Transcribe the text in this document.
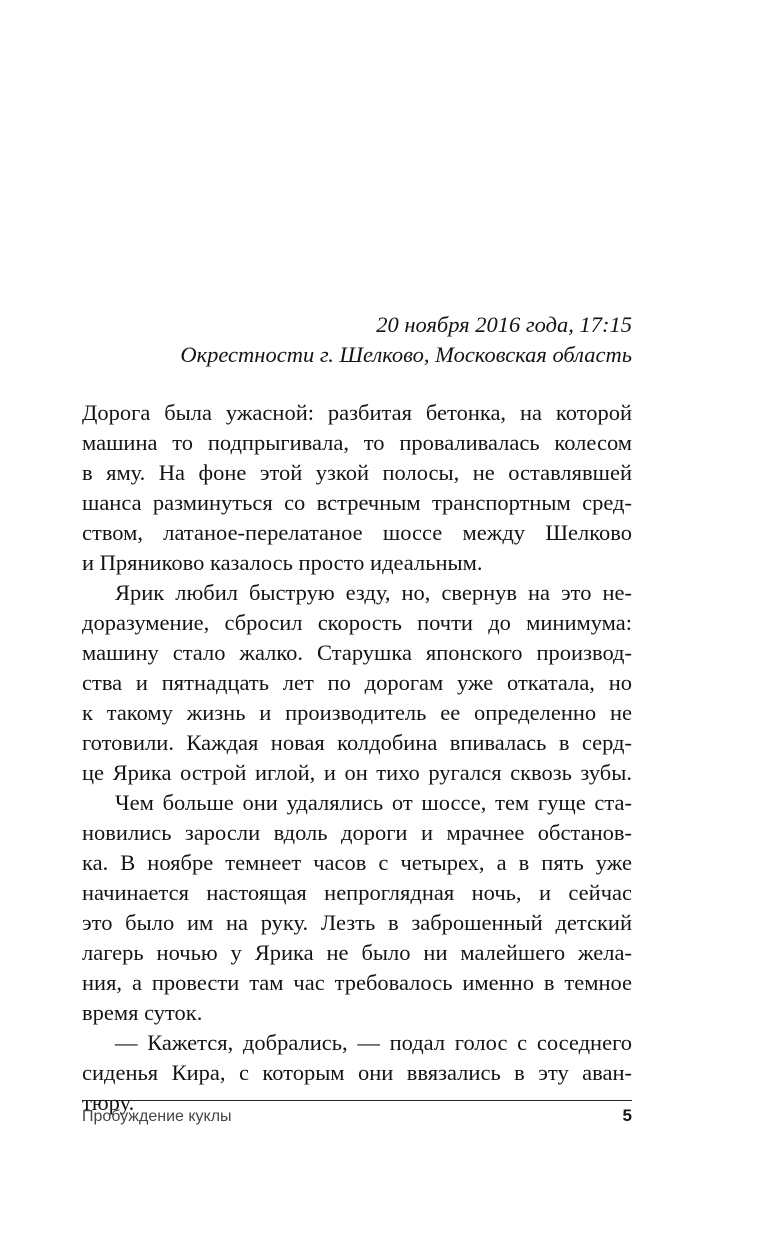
20 ноября 2016 года, 17:15
Окрестности г. Шелково, Московская область
Дорога была ужасной: разбитая бетонка, на которой
машина то подпрыгивала, то проваливалась колесом
в яму. На фоне этой узкой полосы, не оставлявшей
шанса разминуться со встречным транспортным сред-
ством, латаное-перелатаное шоссе между Шелково
и Пряниково казалось просто идеальным.
Ярик любил быструю езду, но, свернув на это не-
доразумение, сбросил скорость почти до минимума:
машину стало жалко. Старушка японского производ-
ства и пятнадцать лет по дорогам уже откатала, но
к такому жизнь и производитель ее определенно не
готовили. Каждая новая колдобина впивалась в серд-
це Ярика острой иглой, и он тихо ругался сквозь зубы.
Чем больше они удалялись от шоссе, тем гуще ста-
новились заросли вдоль дороги и мрачнее обстанов-
ка. В ноябре темнеет часов с четырех, а в пять уже
начинается настоящая непроглядная ночь, и сейчас
это было им на руку. Лезть в заброшенный детский
лагерь ночью у Ярика не было ни малейшего жела-
ния, а провести там час требовалось именно в темное
время суток.
— Кажется, добрались, — подал голос с соседнего
сиденья Кира, с которым они ввязались в эту аван-
тюру.
Пробуждение куклы	5
